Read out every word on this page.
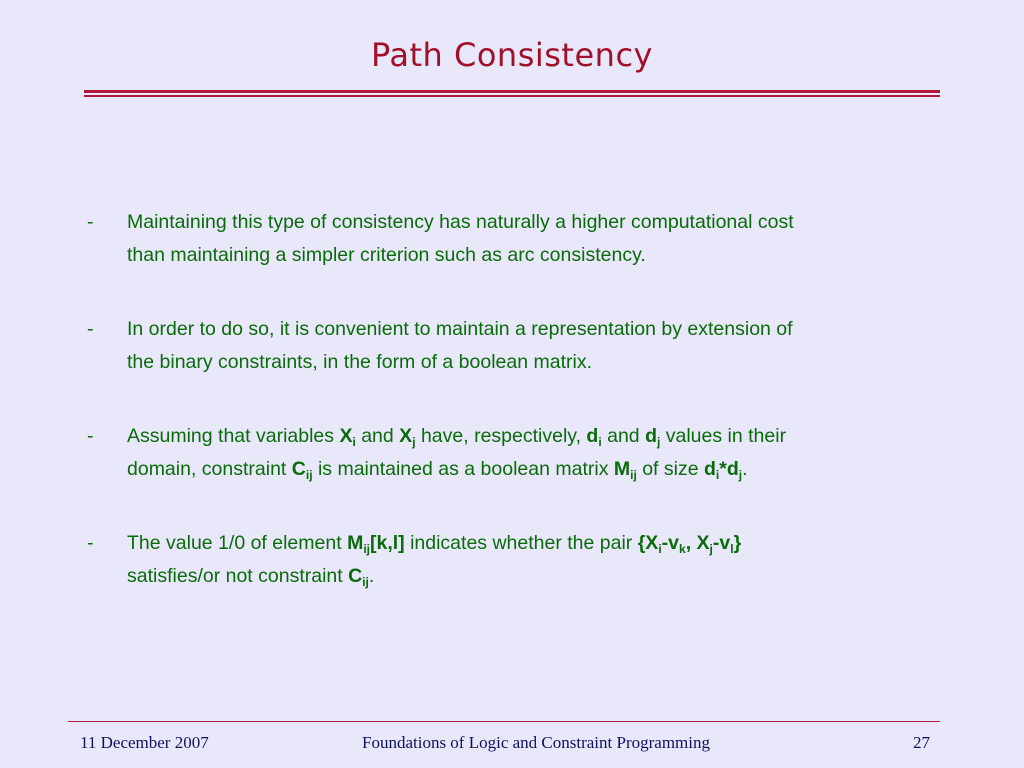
Path Consistency
- Maintaining this type of consistency has naturally a higher computational cost
than maintaining a simpler criterion such as arc consistency.
- In order to do so, it is convenient to maintain a representation by extension of
the binary constraints, in the form of a boolean matrix.
- Assuming that variables $X_i$ and $X_j$ have, respectively, $d_i$ and $d_j$ values in their
domain, constraint $C_{ij}$ is maintained as a boolean matrix $M_{ij}$ of size $d_i*d_j$.
- The value 1/0 of element $M_{ij}[k,l]$ indicates whether the pair {$X_i-v_k$, $X_j-v_l$}
satisfies/or not constraint $C_{ij}$.
11 December 2007	Foundations of Logic and Constraint Programming	27
